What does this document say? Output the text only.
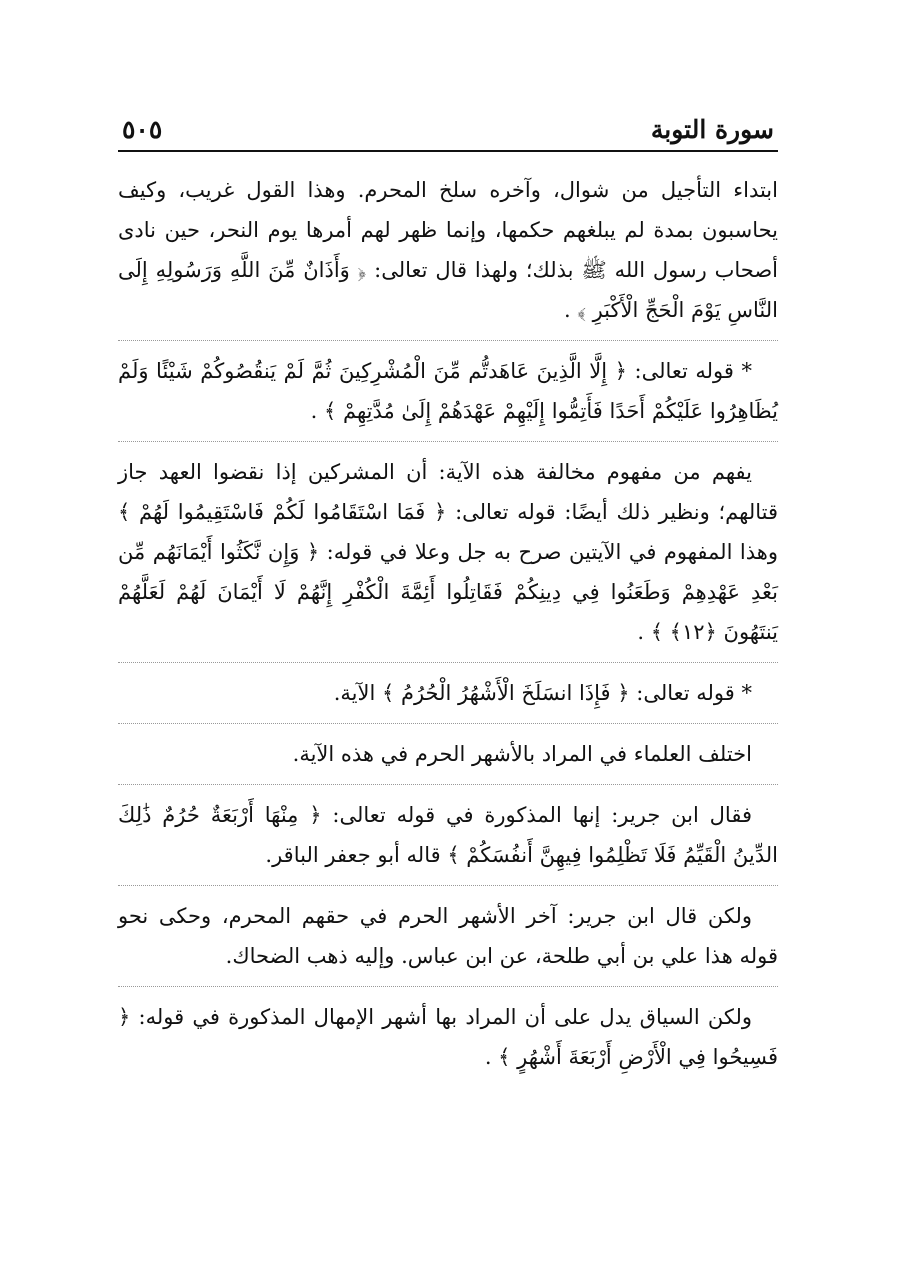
سورة التوبة
٥٠٥

ابتداء التأجيل من شوال، وآخره سلخ المحرم. وهذا القول غريب، وكيف يحاسبون بمدة لم يبلغهم حكمها، وإنما ظهر لهم أمرها يوم النحر، حين نادى أصحاب رسول الله ﷺ بذلك؛ ولهذا قال تعالى: ﴿ وَأَذَانٌ مِّنَ اللَّهِ وَرَسُولِهِ إِلَى النَّاسِ يَوْمَ الْحَجِّ الْأَكْبَرِ ﴾ .

* قوله تعالى: ﴿ إِلَّا الَّذِينَ عَاهَدتُّم مِّنَ الْمُشْرِكِينَ ثُمَّ لَمْ يَنقُصُوكُمْ شَيْئًا وَلَمْ يُظَاهِرُوا عَلَيْكُمْ أَحَدًا فَأَتِمُّوا إِلَيْهِمْ عَهْدَهُمْ إِلَىٰ مُدَّتِهِمْ ﴾ .

يفهم من مفهوم مخالفة هذه الآية: أن المشركين إذا نقضوا العهد جاز قتالهم؛ ونظير ذلك أيضًا: قوله تعالى: ﴿ فَمَا اسْتَقَامُوا لَكُمْ فَاسْتَقِيمُوا لَهُمْ ﴾ وهذا المفهوم في الآيتين صرح به جل وعلا في قوله: ﴿ وَإِن نَّكَثُوا أَيْمَانَهُم مِّن بَعْدِ عَهْدِهِمْ وَطَعَنُوا فِي دِينِكُمْ فَقَاتِلُوا أَئِمَّةَ الْكُفْرِ إِنَّهُمْ لَا أَيْمَانَ لَهُمْ لَعَلَّهُمْ يَنتَهُونَ ﴿١٢﴾ ﴾ .

* قوله تعالى: ﴿ فَإِذَا انسَلَخَ الْأَشْهُرُ الْحُرُمُ ﴾ الآية.

اختلف العلماء في المراد بالأشهر الحرم في هذه الآية.

فقال ابن جرير: إنها المذكورة في قوله تعالى: ﴿ مِنْهَا أَرْبَعَةٌ حُرُمٌ ذَٰلِكَ الدِّينُ الْقَيِّمُ فَلَا تَظْلِمُوا فِيهِنَّ أَنفُسَكُمْ ﴾ قاله أبو جعفر الباقر.

ولكن قال ابن جرير: آخر الأشهر الحرم في حقهم المحرم، وحكى نحو قوله هذا علي بن أبي طلحة، عن ابن عباس. وإليه ذهب الضحاك.

ولكن السياق يدل على أن المراد بها أشهر الإمهال المذكورة في قوله: ﴿ فَسِيحُوا فِي الْأَرْضِ أَرْبَعَةَ أَشْهُرٍ ﴾ .
